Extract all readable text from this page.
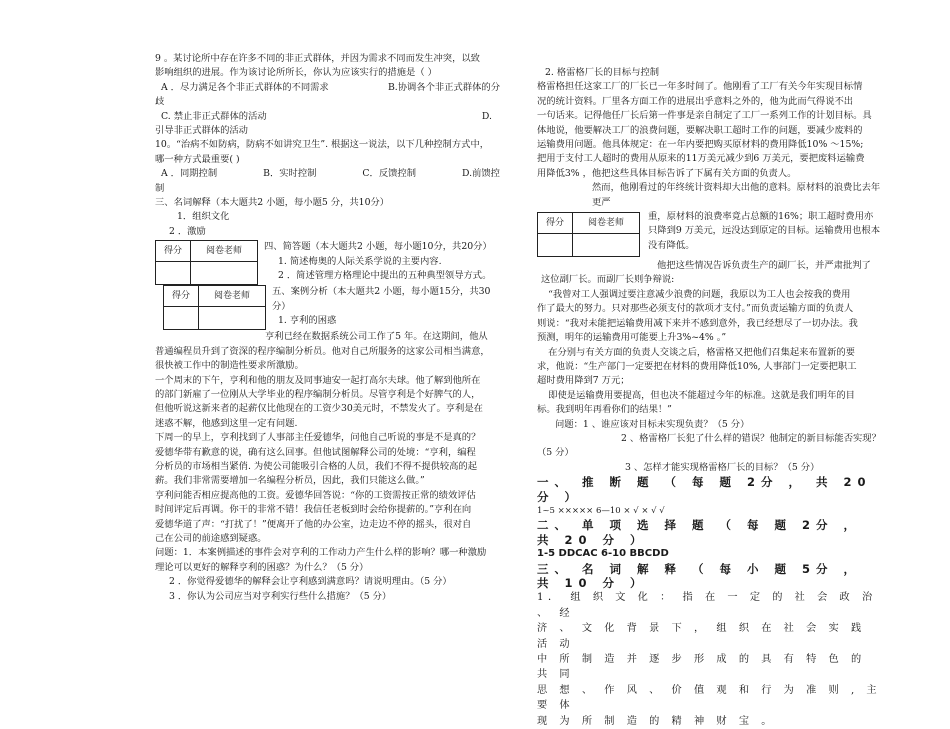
9 。某讨论所中存在许多不同的非正式群体，并因为需求不同而发生冲突，以致

影响组织的进展。作为该讨论所所长，你认为应该实行的措施是（ ）

A ．尽力满足各个非正式群体的不同需求	B.协调各个非正式群体的分

歧

C. 禁止非正式群体的活动	D.

引导非正式群体的活动

10。“治病不如防病，防病不如讲究卫生”. 根据这一说法，以下几种控制方式中，

哪一种方式最重要( )

A ．同期控制	B．实时控制	C．反馈控制	D.前馈控

制

三、名词解释（本大题共2 小题，每小题5 分，共10分）

1．组织文化

2 ．激励

得分	阅卷老师
	四、简答题（本大题共2 小题，每小题10分，共20分）

1. 简述梅奥的人际关系学说的主要内容.

2 ．简述管理方格理论中提出的五种典型领导方式。

得分	阅卷老师
	五、案例分析（本大题共2 小题，每小题15分，共30

分）

1. 亨利的困惑

亨利已经在数据系统公司工作了5 年。在这期间，他从

普通编程员升到了资深的程序编制分析员。他对自己所服务的这家公司相当满意，

很快被工作中的制造性要求所激励。

一个周末的下午，亨利和他的朋友及同事迪安一起打高尔夫球。他了解到他所在

的部门新雇了一位刚从大学毕业的程序编制分析员。尽管亨利是个好脾气的人，

但他听说这新来者的起薪仅比他现在的工资少30美元时，不禁发火了。亨利是在

迷惑不解，他感到这里一定有问题.

下周一的早上，亨利找到了人事部主任爱德华，问他自己听说的事是不是真的？

爱德华带有歉意的说，确有这么回事。但他试图解释公司的处境：“亨利，编程

分析员的市场相当紧俏. 为使公司能吸引合格的人员，我们不得不提供较高的起

薪。我们非常需要增加一名编程分析员，因此，我们只能这么做。”

亨利问能否相应提高他的工资。爱德华回答说：“你的工资需按正常的绩效评估

时间评定后再调。你干的非常不错！我信任老板到时会给你提薪的。”亨利在向

爱德华道了声：“打扰了！”便离开了他的办公室，边走边不停的摇头，很对自

己在公司的前途感到疑惑。

问题：1．本案例描述的事件会对亨利的工作动力产生什么样的影响？哪一种激励

理论可以更好的解释亨利的困惑？为什么？（5 分）

2 ．你觉得爱德华的解释会让亨利感到满意吗？请说明理由。（5 分）

3 ．你认为公司应当对亨利实行些什么措施？（5 分）

2. 格雷格厂长的目标与控制

格雷格担任这家工厂的厂长已一年多时间了。他刚看了工厂有关今年实现目标情

况的统计资料。厂里各方面工作的进展出乎意料之外的，他为此而气得说不出

一句话来。记得他任厂长后第一件事是亲自制定了工厂一系列工作的计划目标。具

体地说，他要解决工厂的浪费问题，要解决职工超时工作的问题，要减少废料的

运输费用问题。他具体规定：在一年内要把购买原材料的费用降低10% ～15%;

把用于支付工人超时的费用从原来的11万美元减少到6 万美元，要把废料运输费

用降低3% ，他把这些具体目标告诉了下属有关方面的负责人。

然而，他刚看过的年终统计资料却大出他的意料。原材料的浪费比去年更严

得分	阅卷老师

重，原材料的浪费率竟占总额的16%；职工超时费用亦只降到9 万美元，远没达到原定的目标。运输费用也根本没有降低。

他把这些情况告诉负责生产的副厂长，并严肃批判了

这位副厂长。而副厂长则争辩说:

“我曾对工人强调过要注意减少浪费的问题，我原以为工人也会按我的费用

作了最大的努力。只对那些必须支付的款项才支付。”而负责运输方面的负责人

则说：“我对未能把运输费用减下来并不感到意外，我已经想尽了一切办法。我

预测，明年的运输费用可能要上升3%~4% 。”

在分别与有关方面的负责人交谈之后，格雷格又把他们召集起来布置新的要

求，他说：“生产部门一定要把在材料的费用降低10%, 人事部门一定要把职工

超时费用降到7 万元；

即使是运输费用要提高，但也决不能超过今年的标准。这就是我们明年的目

标。我到明年再看你们的结果！”

问题：1 、谁应该对目标未实现负责？（5 分）

2 、格雷格厂长犯了什么样的错误？他制定的新目标能否实现？

（5 分）

3 、怎样才能实现格雷格厂长的目标？（5 分）

一、 推 断 题 （ 每 题 2分 ， 共 20 分 ）

1~5 ××××× 6—10 × √ × √ √

二、 单 项 选 择 题 （ 每 题 2分 ， 共 20 分 ）

1-5 DDCAC 6-10 BBCDD

三、 名 词 解 释 （ 每 小 题 5分 ， 共 10 分 ）

1． 组 织 文 化 ： 指 在 一 定 的 社 会 政 治 、 经

济 、 文 化 背 景 下 ， 组 织 在 社 会 实 践 活 动

中 所 制 造 并 逐 步 形 成 的 具 有 特 色 的 共 同

思 想 、 作 风 、 价 值 观 和 行 为 准 则 , 主 要 体

现 为 所 制 造 的 精 神 财 宝 。
